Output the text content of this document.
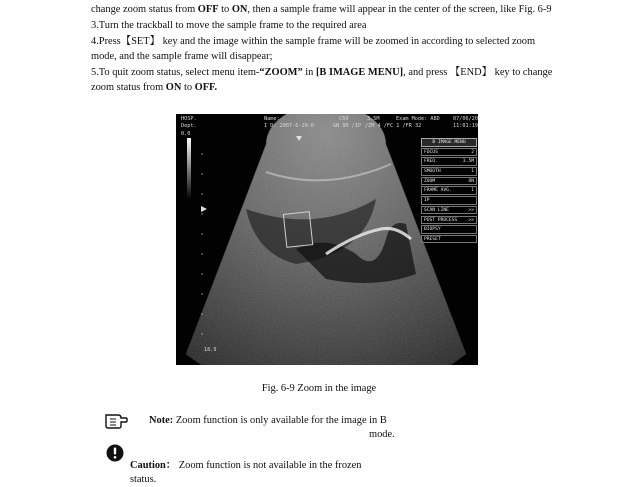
change zoom status from OFF to ON, then a sample frame will appear in the center of the screen, like Fig. 6-9
3.Turn the trackball to move the sample frame to the required area
4.Press【SET】 key and the image within the sample frame will be zoomed in according to selected zoom
mode, and the sample frame will disappear;
5.To quit zoom status, select menu item-“ZOOM” in [B IMAGE MENU], and press 【END】 key to change
zoom status from ON to OFF.
HOSP.
Dept.
0.0
Name:
I D: 2007-6-20-0
C60
GN 90 /IP
3.5M
/ZM 4 /FC 1 /FR 32
Exam Mode: ABD	07/06/20
11:01:19
18.9
B IMAGE MENU
FOCUS	2
FREQ.	3.5M
SMOOTH	1
ZOOM	ON
FRAME AVG.	1
IP
SCAN LINE	>>
POST PROCESS >>
BIOPSY
PRESET
Fig. 6-9 Zoom in the image
Note: Zoom function is only available for the image in B
mode.
Caution： Zoom function is not available in the frozen
status.
